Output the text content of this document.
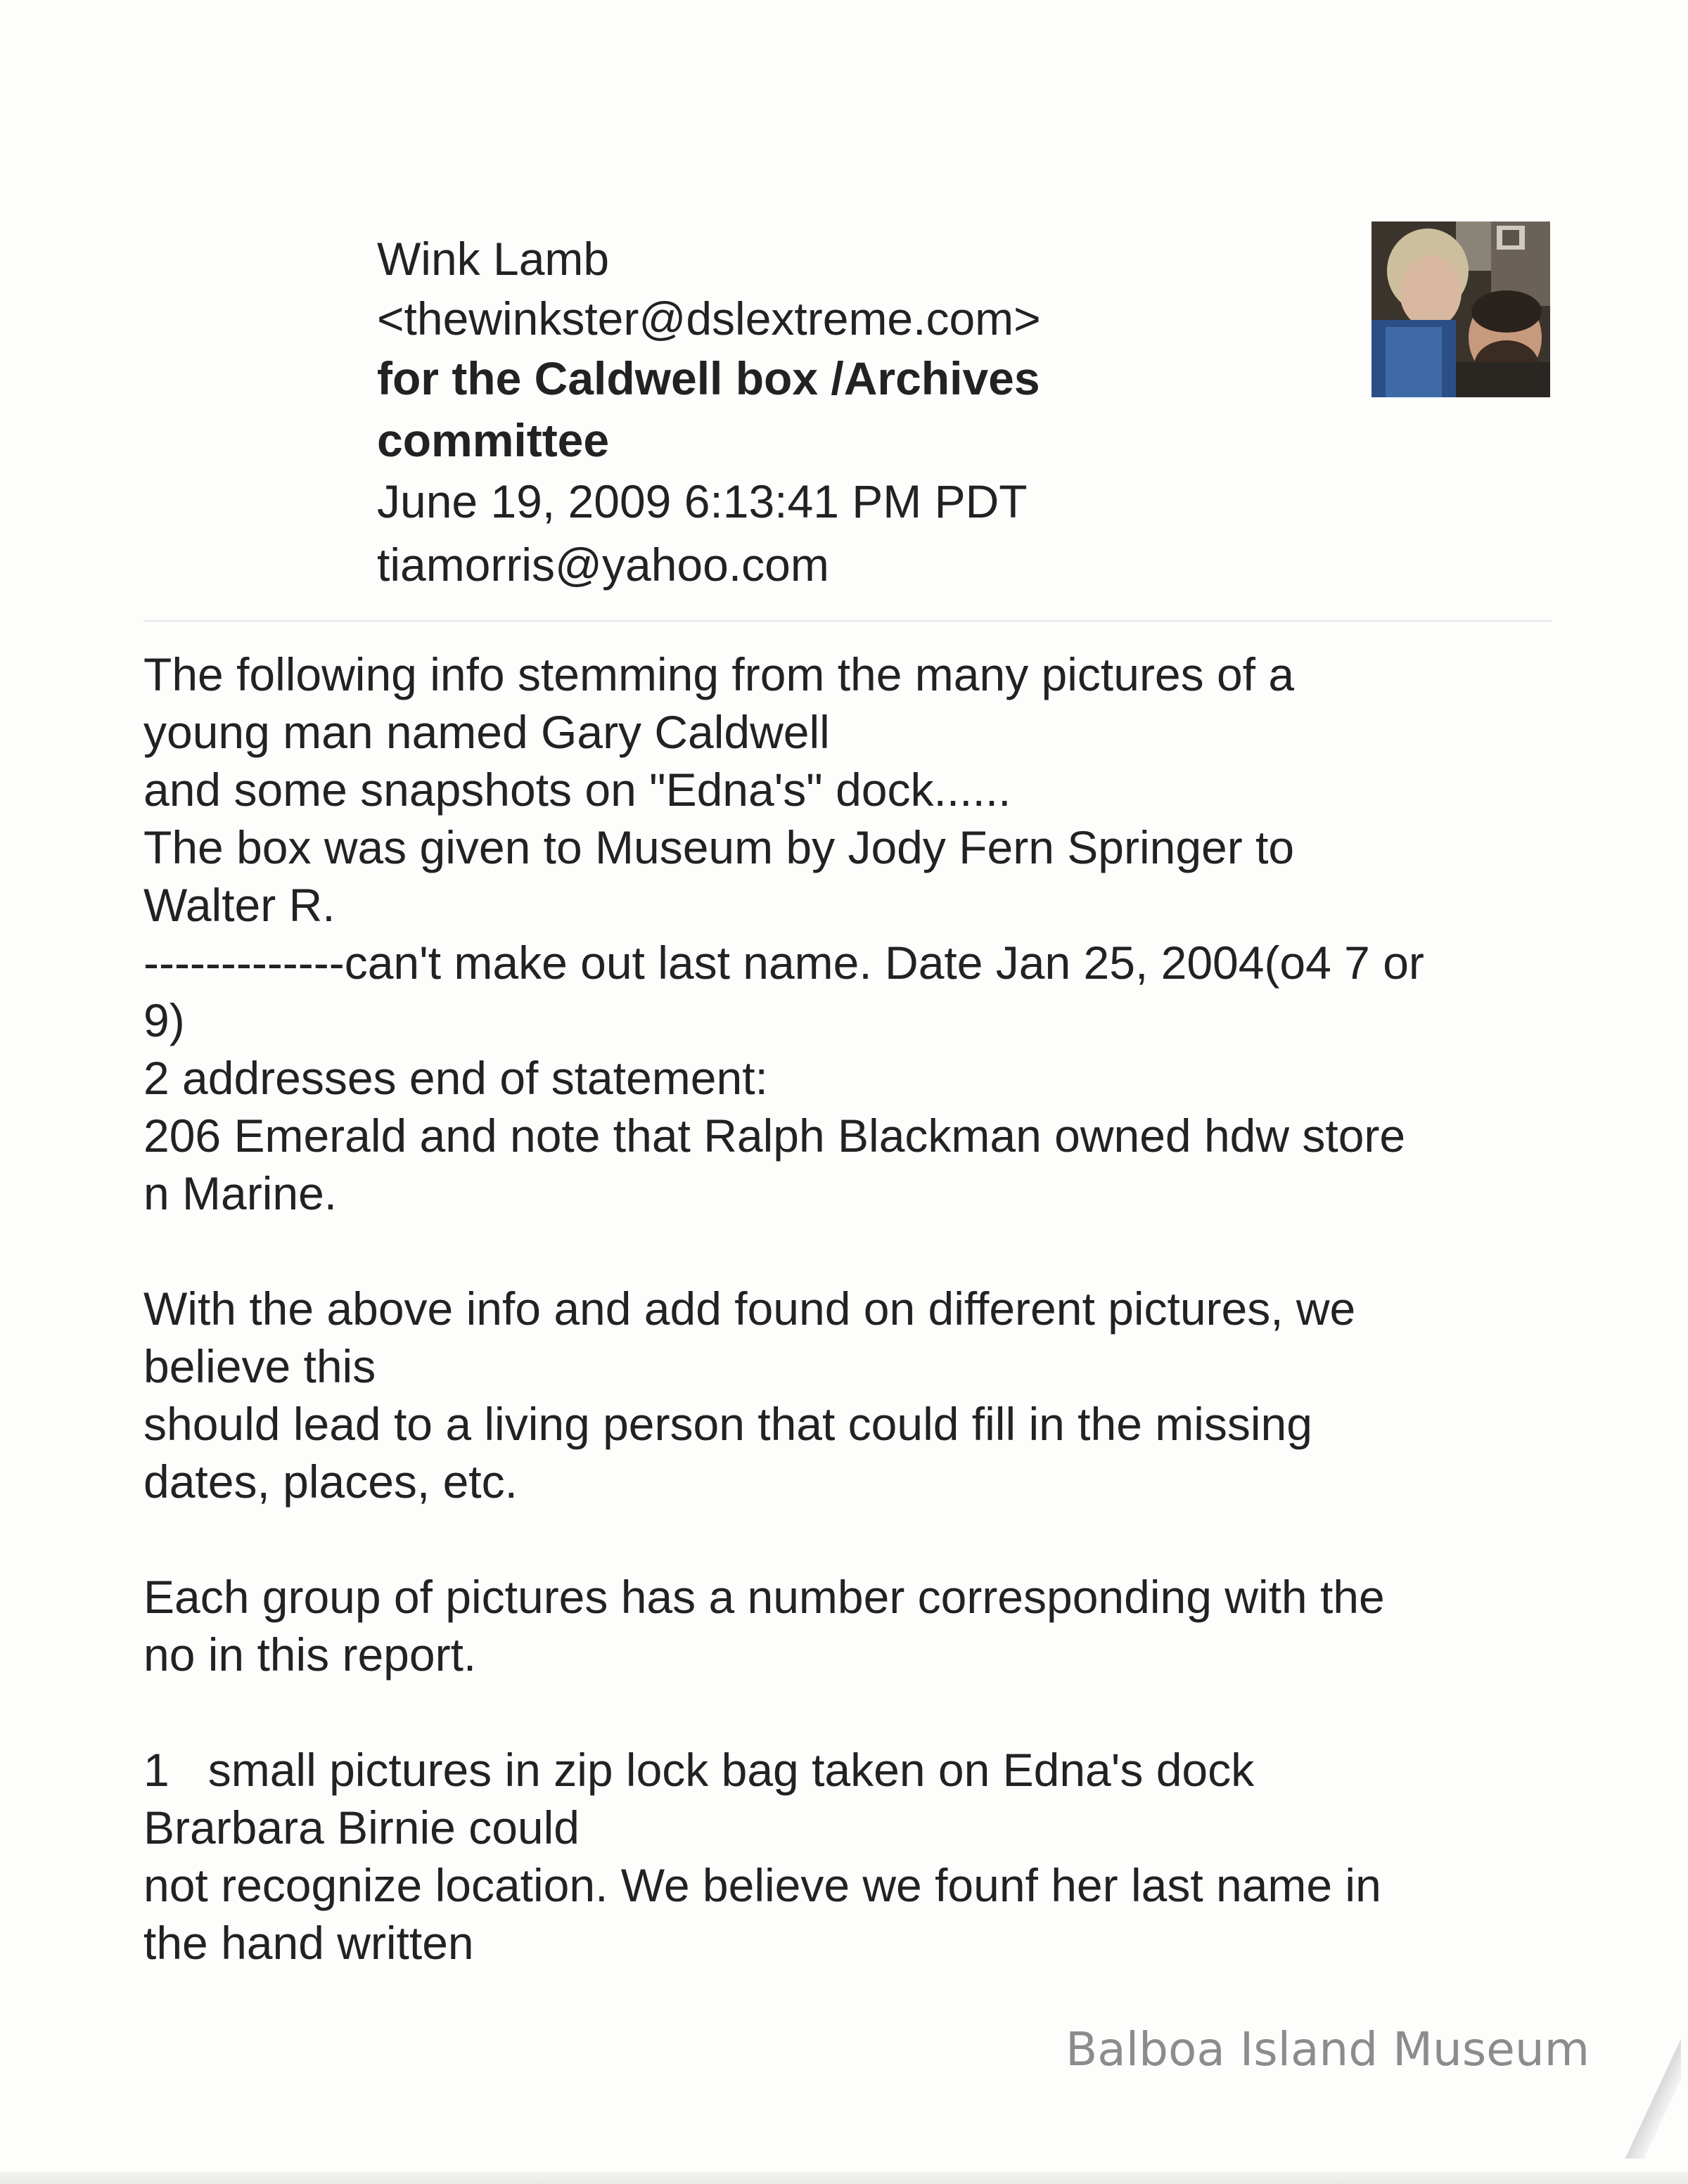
Wink Lamb
<thewinkster@dslextreme.com>
for the Caldwell box /Archives
committee
June 19, 2009 6:13:41 PM PDT
tiamorris@yahoo.com
The following info stemming from the many pictures of a
young man named Gary Caldwell
and some snapshots on "Edna's" dock......
The box was given to Museum by Jody Fern Springer to
Walter R.
-------------can't make out last name. Date Jan 25, 2004(o4 7 or
9)
2 addresses end of statement:
206 Emerald and note that Ralph Blackman owned hdw store
n Marine.
With the above info and add found on different pictures, we
believe this
should lead to a living person that could fill in the missing
dates, places, etc.
Each group of pictures has a number corresponding with the
no in this report.
1   small pictures in zip lock bag taken on Edna's dock
Brarbara Birnie could
not recognize location. We believe we founf her last name in
the hand written
Balboa Island Museum
